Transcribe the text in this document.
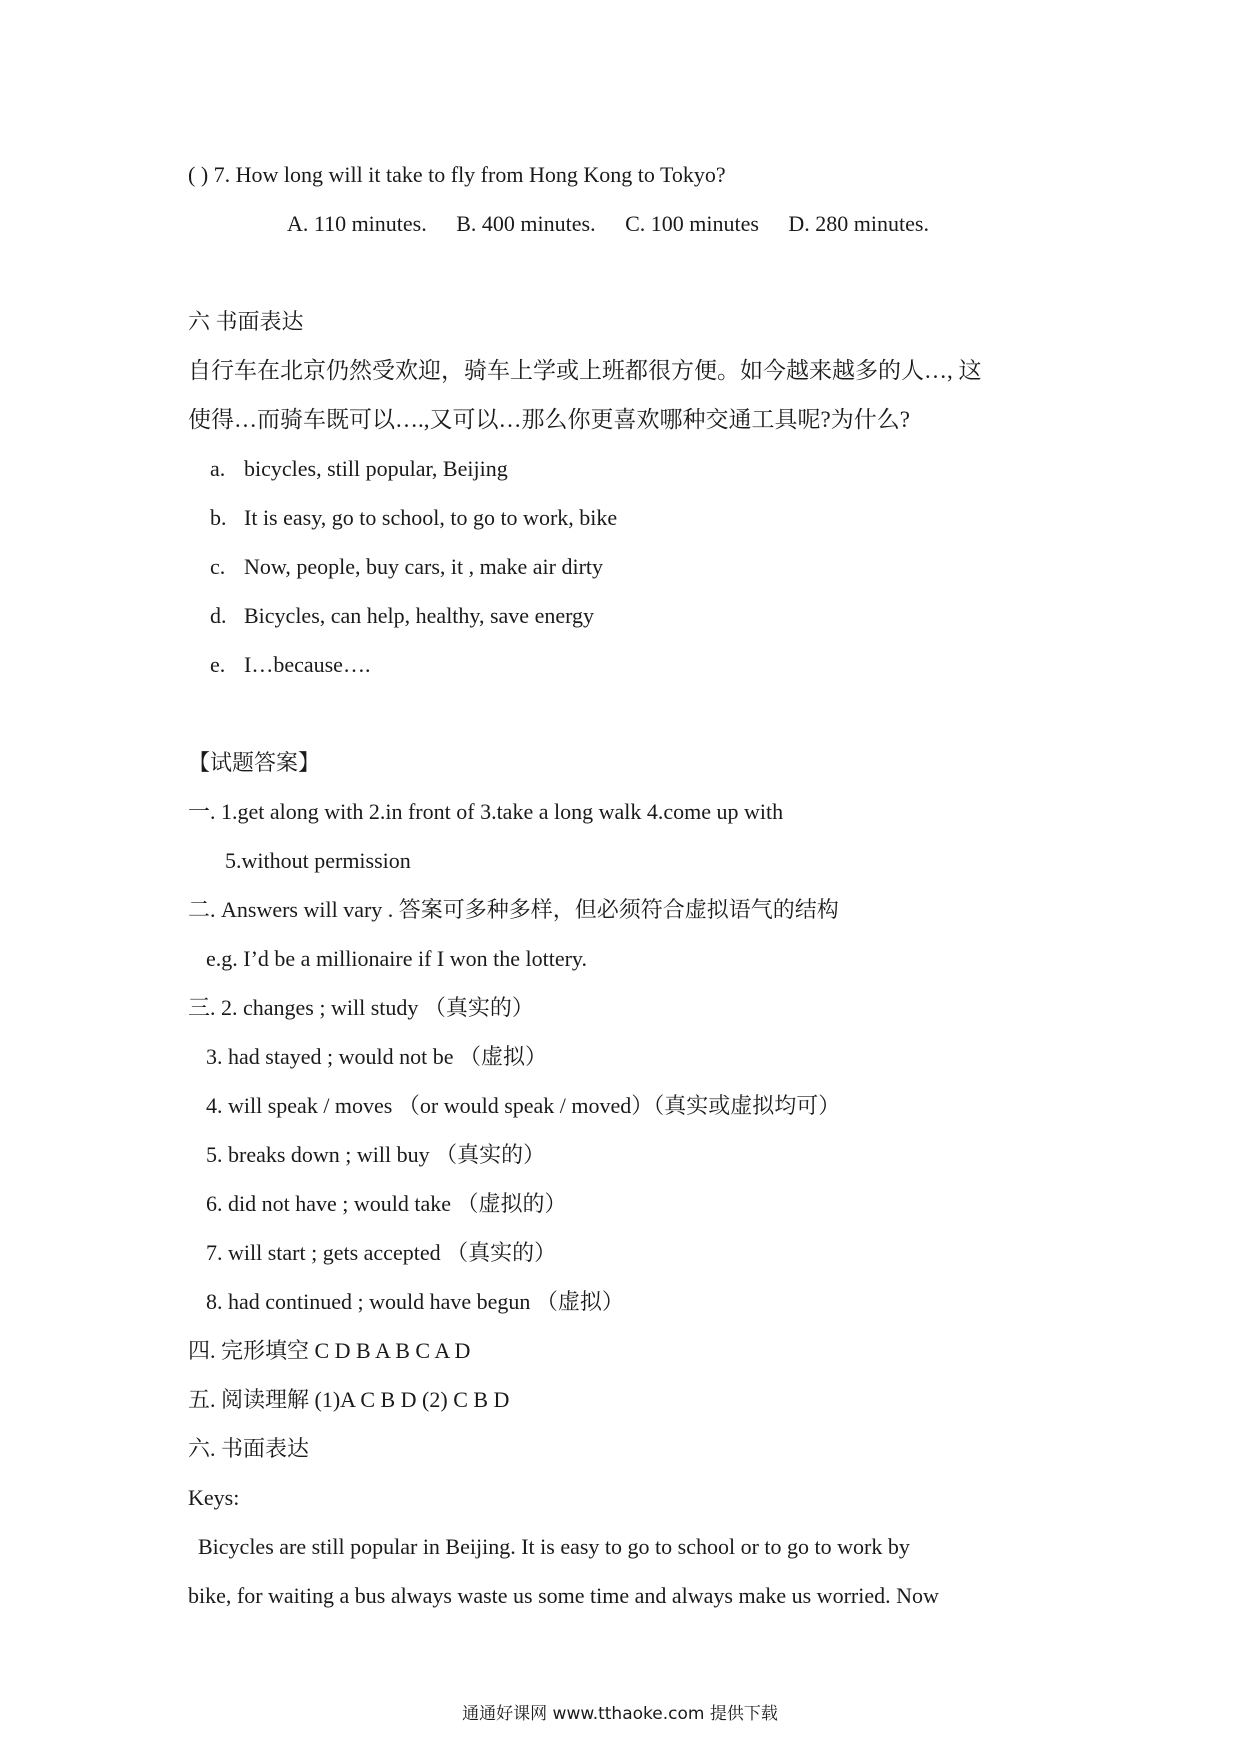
( ) 7. How long will it take to fly from Hong Kong to Tokyo?
A. 110 minutes. B. 400 minutes. C. 100 minutes D. 280 minutes.
六 书面表达
自行车在北京仍然受欢迎，骑车上学或上班都很方便。如今越来越多的人…, 这
使得…而骑车既可以….,又可以…那么你更喜欢哪种交通工具呢?为什么?
a. bicycles, still popular, Beijing
b. It is easy, go to school, to go to work, bike
c. Now, people, buy cars, it , make air dirty
d. Bicycles, can help, healthy, save energy
e. I…because….
【试题答案】
一. 1.get along with 2.in front of 3.take a long walk 4.come up with
5.without permission
二. Answers will vary . 答案可多种多样，但必须符合虚拟语气的结构
e.g. I’d be a millionaire if I won the lottery.
三. 2. changes ; will study （真实的）
3. had stayed ; would not be （虚拟）
4. will speak / moves （or would speak / moved）（真实或虚拟均可）
5. breaks down ; will buy （真实的）
6. did not have ; would take （虚拟的）
7. will start ; gets accepted （真实的）
8. had continued ; would have begun （虚拟）
四. 完形填空 C D B A B C A D
五. 阅读理解 (1)A C B D (2) C B D
六. 书面表达
Keys:
Bicycles are still popular in Beijing. It is easy to go to school or to go to work by
bike, for waiting a bus always waste us some time and always make us worried. Now
通通好课网 www.tthaoke.com 提供下载
